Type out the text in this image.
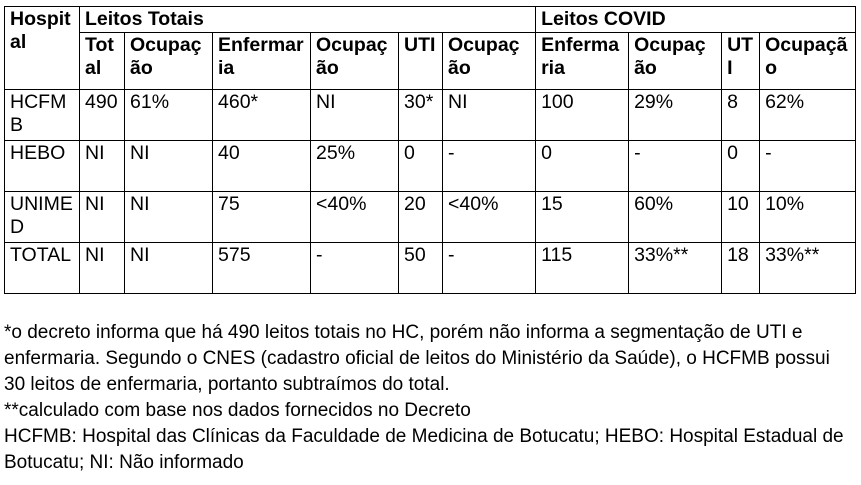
Hospital	Leitos Totais						Leitos COVID			
	Total	Ocupação	Enfermaria	Ocupação	UTI	Ocupação	Enfermaria	Ocupação	UTI	Ocupação
HCFMB	490	61%	460*	NI	30*	NI	100	29%	8	62%
HEBO	NI	NI	40	25%	0	-	0	-	0	-
UNIMED	NI	NI	75	<40%	20	<40%	15	60%	10	10%
TOTAL	NI	NI	575	-	50	-	115	33%**	18	33%**

*o decreto informa que há 490 leitos totais no HC, porém não informa a segmentação de UTI e enfermaria. Segundo o CNES (cadastro oficial de leitos do Ministério da Saúde), o HCFMB possui 30 leitos de enfermaria, portanto subtraímos do total.

**calculado com base nos dados fornecidos no Decreto

HCFMB: Hospital das Clínicas da Faculdade de Medicina de Botucatu; HEBO: Hospital Estadual de Botucatu; NI: Não informado
